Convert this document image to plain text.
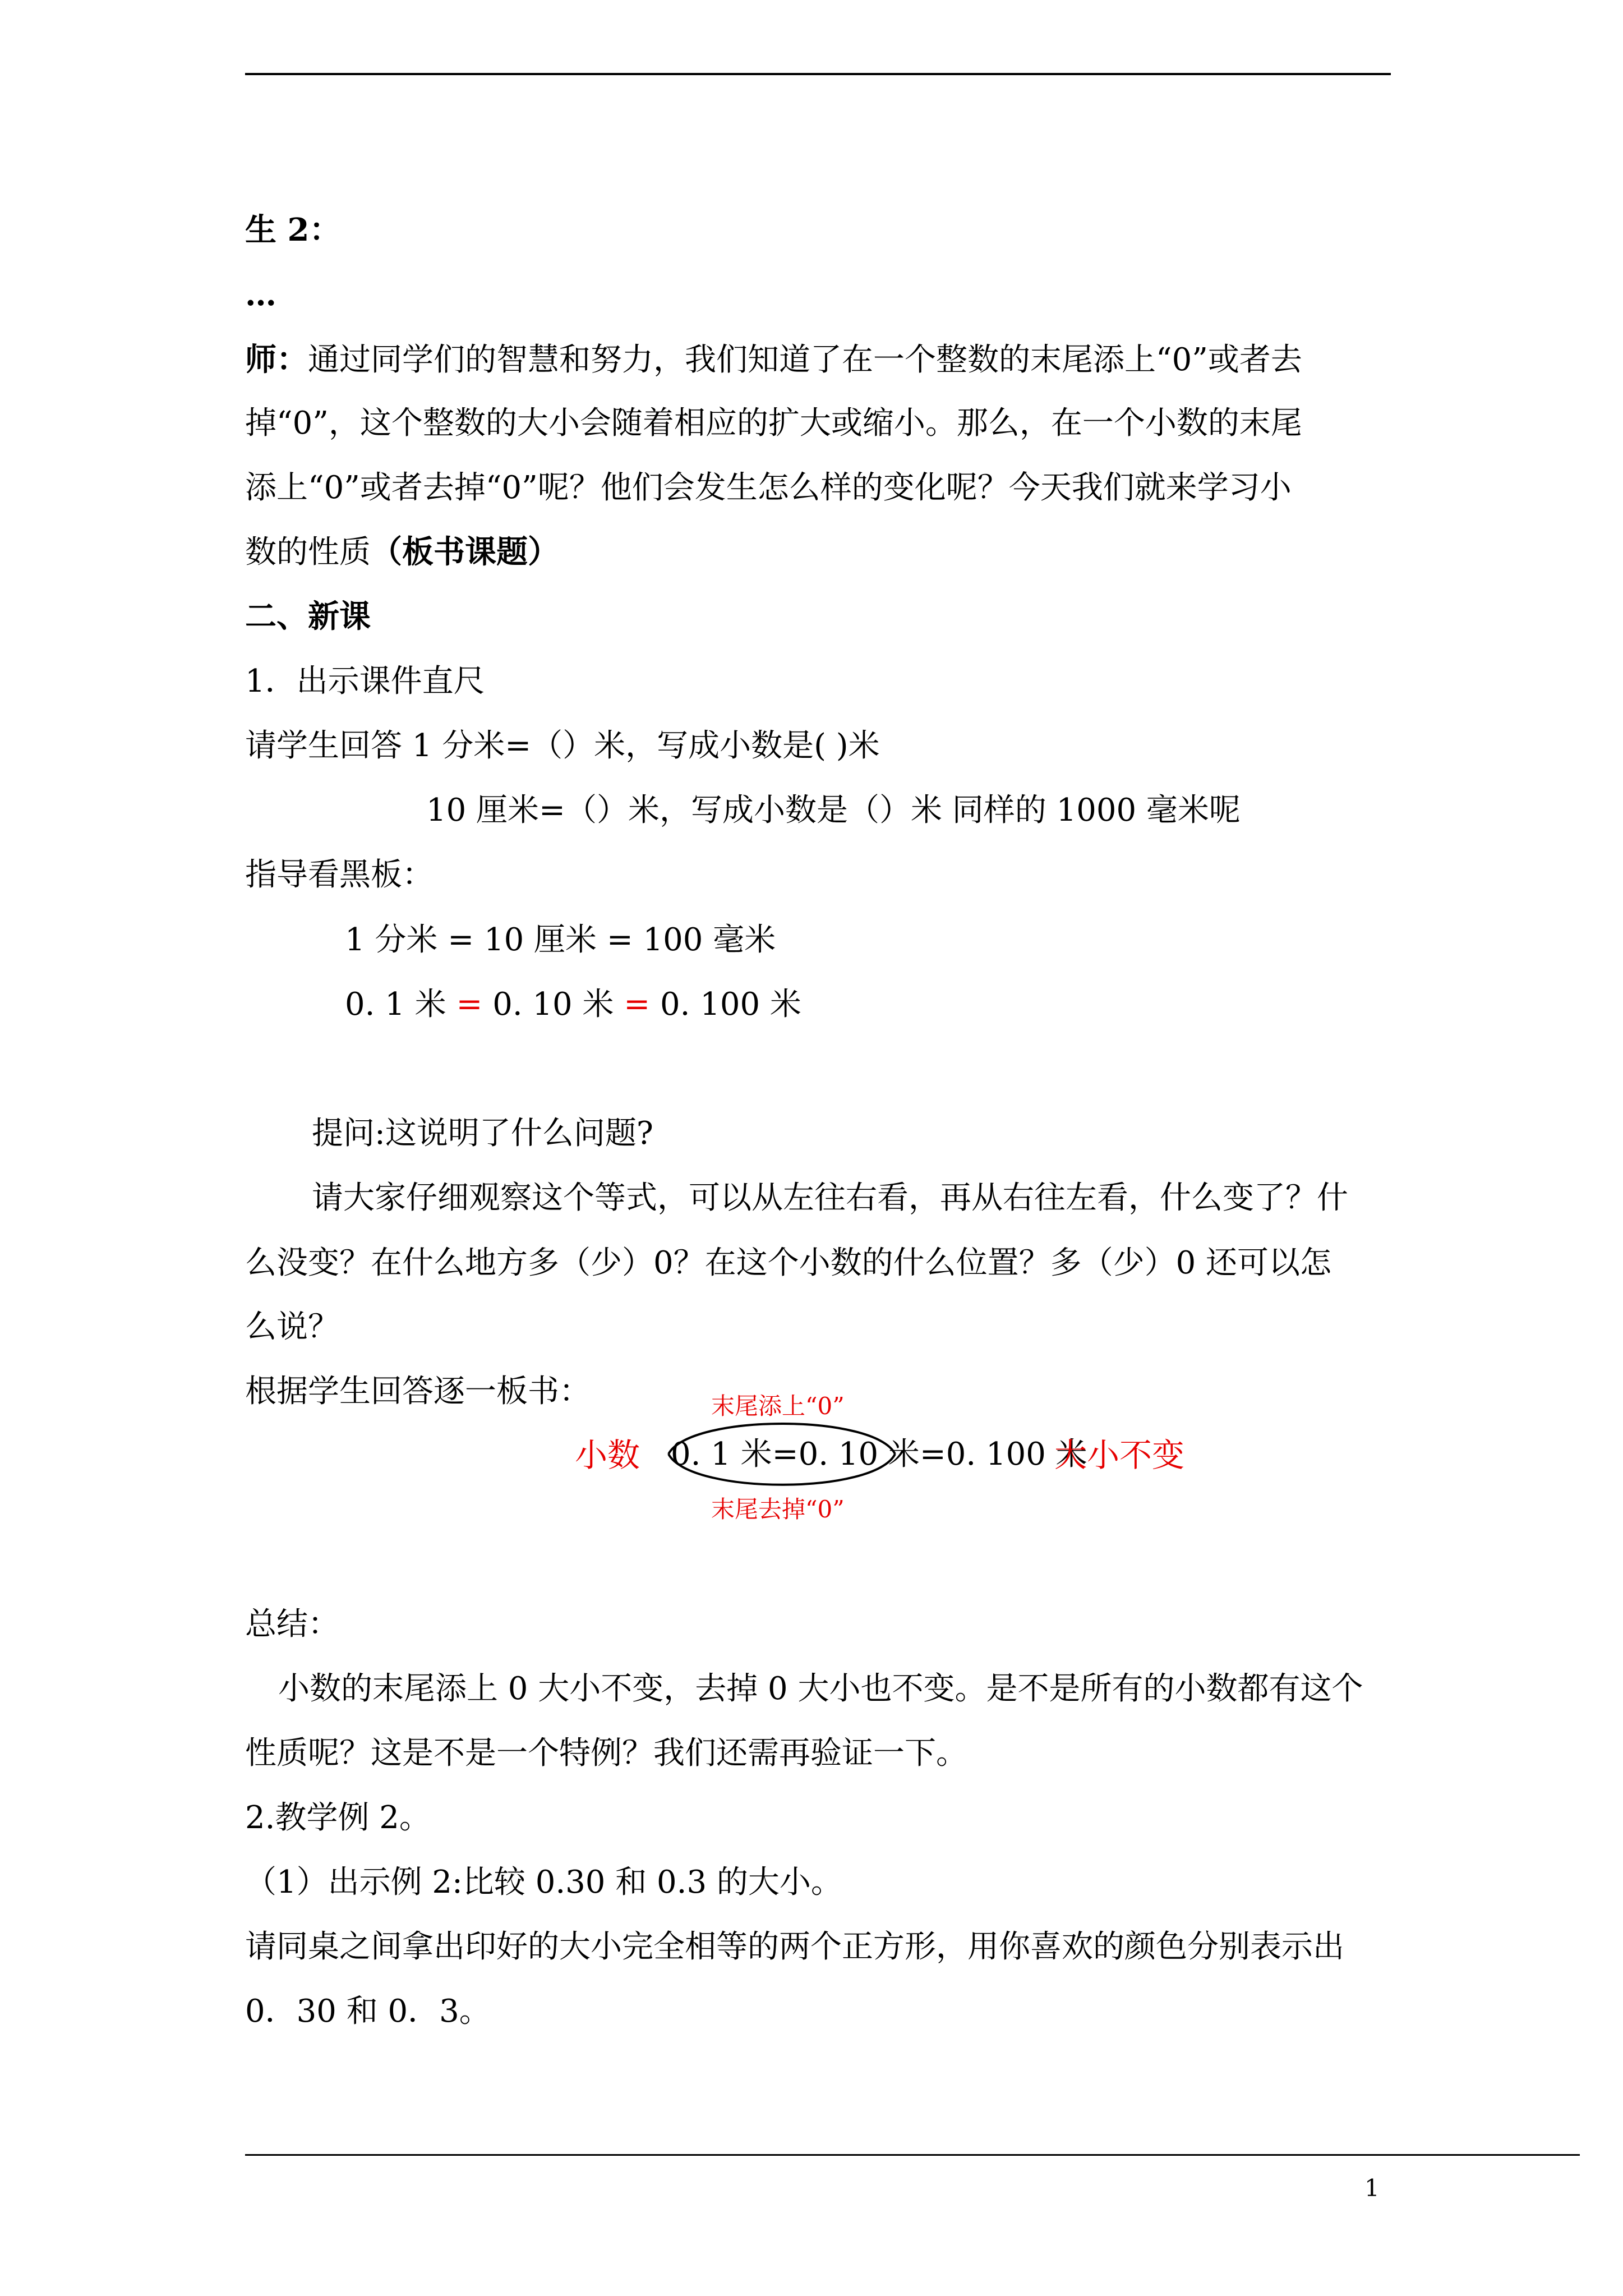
生 2：
…
师：通过同学们的智慧和努力，我们知道了在一个整数的末尾添上“0”或者去
掉“0”，这个整数的大小会随着相应的扩大或缩小。那么，在一个小数的末尾
添上“0”或者去掉“0”呢？他们会发生怎么样的变化呢？今天我们就来学习小
数的性质（板书课题）
二、新课
1．出示课件直尺
请学生回答 1 分米=（）米，写成小数是( )米
10 厘米=（）米，写成小数是（）米 同样的 1000 毫米呢
指导看黑板：
1 分米 = 10 厘米 = 100 毫米
0. 1 米 = 0. 10 米 = 0. 100 米
提问:这说明了什么问题?
请大家仔细观察这个等式，可以从左往右看，再从右往左看，什么变了？什
么没变？在什么地方多（少）0？在这个小数的什么位置？多（少）0 还可以怎
么说？
根据学生回答逐一板书：	末尾添上“0”
小数 0. 1 米=0. 10 米=0. 100 米
大小不变
末尾去掉“0”
总结：
小数的末尾添上 0 大小不变，去掉 0 大小也不变。是不是所有的小数都有这个
性质呢？这是不是一个特例？我们还需再验证一下。
2.教学例 2。
（1）出示例 2:比较 0.30 和 0.3 的大小。
请同桌之间拿出印好的大小完全相等的两个正方形，用你喜欢的颜色分别表示出
0．30 和 0．3。
1
